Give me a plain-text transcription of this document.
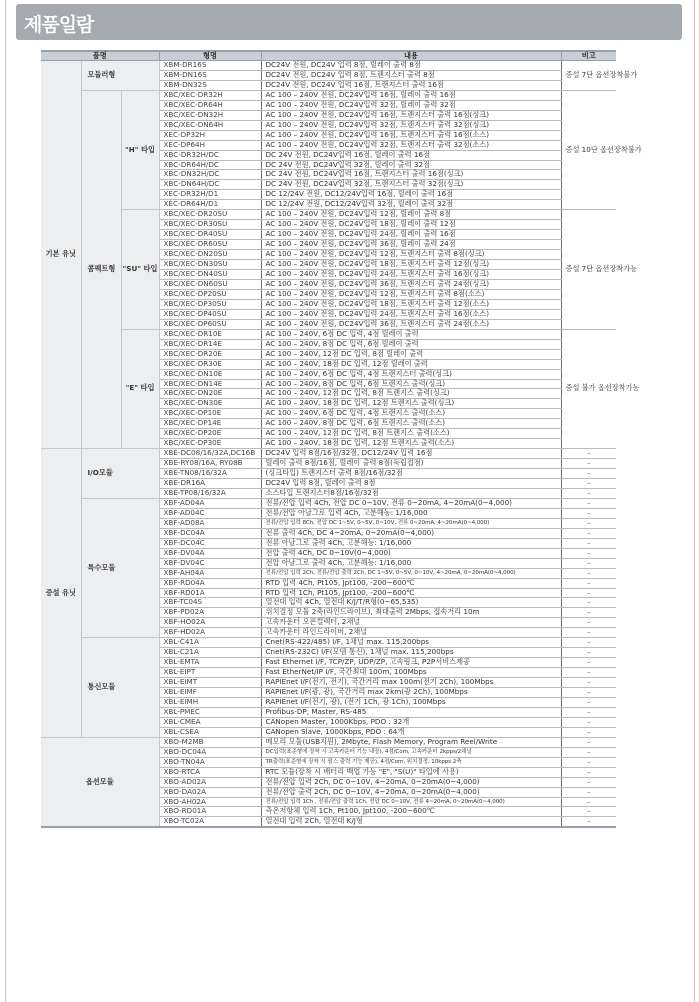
제품일람
품명			형명	내용	비고
기본 유닛	모듈러형		XBM-DR16S	DC24V 전원, DC24V 입력 8점, 릴레이 출력 8점	증설 7단 옵션장착불가
			XBM-DN16S	DC24V 전원, DC24V 입력 8점, 트랜지스터 출력 8점	
			XBM-DN32S	DC24V 전원, DC24V 입력 16점, 트랜지스터 출력 16점	
	콤팩트형	"H" 타입	XBC/XEC-DR32H	AC 100 – 240V 전원, DC24V입력 16점, 릴레이 출력 16점	증설 10단 옵션장착불가
			XBC/XEC-DR64H	AC 100 – 240V 전원, DC24V입력 32점, 릴레이 출력 32점	
			XBC/XEC-DN32H	AC 100 – 240V 전원, DC24V입력 16점, 트랜지스터 출력 16점(싱크)	
			XBC/XEC-DN64H	AC 100 – 240V 전원, DC24V입력 32점, 트랜지스터 출력 32점(싱크)	
			XEC-DP32H	AC 100 – 240V 전원, DC24V입력 16점, 트랜지스터 출력 16점(소스)	
			XEC-DP64H	AC 100 – 240V 전원, DC24V입력 32점, 트랜지스터 출력 32점(소스)	
			XBC-DR32H/DC	DC 24V 전원, DC24V입력 16점, 릴레이 출력 16점	
			XBC-DR64H/DC	DC 24V 전원, DC24V입력 32점, 릴레이 출력 32점	
			XBC-DN32H/DC	DC 24V 전원, DC24V입력 16점, 트랜지스터 출력 16점(싱크)	
			XBC-DN64H/DC	DC 24V 전원, DC24V입력 32점, 트랜지스터 출력 32점(싱크)	
			XEC-DR32H/D1	DC 12/24V 전원, DC12/24V입력 16점, 릴레이 출력 16점	
			XEC-DR64H/D1	DC 12/24V 전원, DC12/24V입력 32점, 릴레이 출력 32점	
		"SU" 타입	XBC/XEC-DR20SU	AC 100 – 240V 전원, DC24V입력 12점, 릴레이 출력 8점	증설 7단 옵션장착가능
			XBC/XEC-DR30SU	AC 100 – 240V 전원, DC24V입력 18점, 릴레이 출력 12점	
			XBC/XEC-DR40SU	AC 100 – 240V 전원, DC24V입력 24점, 릴레이 출력 16점	
			XBC/XEC-DR60SU	AC 100 – 240V 전원, DC24V입력 36점, 릴레이 출력 24점	
			XBC/XEC-DN20SU	AC 100 – 240V 전원, DC24V입력 12점, 트랜지스터 출력 8점(싱크)	
			XBC/XEC-DN30SU	AC 100 – 240V 전원, DC24V입력 18점, 트랜지스터 출력 12점(싱크)	
			XBC/XEC-DN40SU	AC 100 – 240V 전원, DC24V입력 24점, 트랜지스터 출력 16점(싱크)	
			XBC/XEC-DN60SU	AC 100 – 240V 전원, DC24V입력 36점, 트랜지스터 출력 24점(싱크)	
			XBC/XEC-DP20SU	AC 100 – 240V 전원, DC24V입력 12점, 트랜지스터 출력 8점(소스)	
			XBC/XEC-DP30SU	AC 100 – 240V 전원, DC24V입력 18점, 트랜지스터 출력 12점(소스)	
			XBC/XEC-DP40SU	AC 100 – 240V 전원, DC24V입력 24점, 트랜지스터 출력 16점(소스)	
			XBC/XEC-DP60SU	AC 100 – 240V 전원, DC24V입력 36점, 트랜지스터 출력 24점(소스)	
		"E" 타입	XBC/XEC-DR10E	AC 100 – 240V, 6점 DC 입력, 4점 릴레이 출력	증설 불가 옵션장착가능
			XBC/XEC-DR14E	AC 100 – 240V, 8점 DC 입력, 6점 릴레이 출력	
			XBC/XEC-DR20E	AC 100 – 240V, 12점 DC 입력, 8점 릴레이 출력	
			XBC/XEC-DR30E	AC 100 – 240V, 18점 DC 입력, 12점 릴레이 출력	
			XBC/XEC-DN10E	AC 100 – 240V, 6점 DC 입력, 4점 트랜지스터 출력(싱크)	
			XBC/XEC-DN14E	AC 100 – 240V, 8점 DC 입력, 6점 트랜지스 출력(싱크)	
			XBC/XEC-DN20E	AC 100 – 240V, 12점 DC 입력, 8점 트랜지스 출력(싱크)	
			XBC/XEC-DN30E	AC 100 – 240V, 18점 DC 입력, 12점 트랜지스 출력(싱크)	
			XBC/XEC-DP10E	AC 100 – 240V, 6점 DC 입력, 4점 트랜지스 출력(소스)	
			XBC/XEC-DP14E	AC 100 – 240V, 8점 DC 입력, 6점 트랜지스 출력(소스)	
			XBC/XEC-DP20E	AC 100 – 240V, 12점 DC 입력, 8점 트랜지스 출력(소스)	
			XBC/XEC-DP30E	AC 100 – 240V, 18점 DC 입력, 12점 트랜지스 출력(소스)	
증설 유닛	I/O모듈		XBE-DC08/16/32A,DC16B	DC24V 입력 8점/16점/32점, DC12/24V 입력 16점	–
			XBE-RY08/16A, RY08B	릴레이 출력 8점/16점, 릴레이 출력 8점(독립접점)	–
			XBE-TN08/16/32A	(싱크타입) 트랜지스터 출력 8점/16점/32점	–
			XBE-DR16A	DC24V 입력 8점, 릴레이 출력 8점	–
			XBE-TP08/16/32A	소스타입 트랜지스터8점/16점/32점	–
	특수모듈		XBF-AD04A	전류/전압 입력 4Ch, 전압 DC 0~10V, 전류 0~20mA, 4~20mA(0~4,000)	–
			XBF-AD04C	전류/전압 아날그로 입력 4Ch, 고분해능: 1/16,000	–
			XBF-AD08A	전류/전압 입력 8Ch, 전압 DC 1~5V, 0~5V, 0~10V, 전류 0~20mA, 4~20mA(0~4,000)	–
			XBF-DC04A	전류 출력 4Ch, DC 4~20mA, 0~20mA(0~4,000)	–
			XBF-DC04C	전류 아날그로 출력 4Ch, 고분해능: 1/16,000	–
			XBF-DV04A	전압 출력 4Ch, DC 0~10V(0~4,000)	–
			XBF-DV04C	전압 아날그로 출력 4Ch, 고분해능: 1/16,000	–
			XBF-AH04A	전류/전압 입력 2Ch, 전류/전압 출력 2Ch, DC 1~5V, 0~5V, 0~10V, 4~20mA, 0~20mA(0~4,000)	–
			XBF-RD04A	RTD 입력 4Ch, Pt105, Jpt100, -200~600℃	–
			XBF-RD01A	RTD 입력 1Ch, Pt105, Jpt100, -200~600℃	–
			XBF-TC04S	열전대 입력 4Ch, 열전대 K/J/T/R형(0~65,535)	–
			XBF-PD02A	위치결정 모듈 2축(라인드라이브), 최대출력 2Mbps, 접속거리 10m	–
			XBF-HO02A	고속카운터 오픈컬렉터, 2채널	–
			XBF-HD02A	고속카운터 라인드라이버, 2채널	–
	통신모듈		XBL-C41A	Cnet(RS-422/485) I/F, 1채널 max. 115,200bps	–
			XBL-C21A	Cnet(RS-232C) I/F(모뎀 통신), 1채널 max. 115,200bps	–
			XBL-EMTA	Fast Ethernet I/F, TCP/ZP, UDP/ZP, 고속링크, P2P서비스제공	–
			XBL-EIPT	Fast EtherNet/IP I/F, 국간최대 100m, 100Mbps	–
			XBL-EIMT	RAPIEnet I/F(전기, 전기), 국간거리 max 100m(전기 2Ch), 100Mbps	–
			XBL-EIMF	RAPIEnet I/F(광, 광), 국간거리 max 2km(광 2Ch), 100Mbps	–
			XBL-EIMH	RAPIEnet I/F(전기, 광), (전기 1Ch, 광 1Ch), 100Mbps	–
			XBL-PMEC	Profibus-DP, Master, RS-485	–
			XBL-CMEA	CANopen Master, 1000Kbps, PDO : 32개	–
			XBL-CSEA	CANopen Slave, 1000Kbps, PDO : 64개	–
옵션모듈			XBO-M2MB	메모리 모듈(USB지원), 2Mbyte, Flash Memory, Program Reel/Write	–
			XBO-DC04A	DC입력(표준형에 장착 시 고속카운터 기능 내장), 4점/Com, 고속카운터 2kpps/2채널	–
			XBO-TN04A	TR출력(표준형에 장착 시 펄스 출력 기능 제공), 4점/Com, 위치결정, 10kpps 2축	–
			XBO-RTCA	RTC 모듈(장착 시 배터리 백업 가능 "E", "S(U)" 타입에 사용)	–
			XBO-AD02A	전류/전압 입력 2Ch, DC 0~10V, 4~20mA, 0~20mA(0~4,000)	–
			XBO-DA02A	전류/전압 출력 2Ch, DC 0~10V, 4~20mA, 0~20mA(0~4,000)	–
			XBO-AH02A	전류/전압 입력 1Ch , 전류/전압 출력 1Ch, 전압 DC 0~10V, 전류 4~20mA, 0~20mA(0~4,000)	–
			XBO-RD01A	측온저항체 입력 1Ch, Pt100, Jpt100, -200~600℃	–
			XBO-TC02A	열전대 입력 2Ch, 열전대 K/J형	–
